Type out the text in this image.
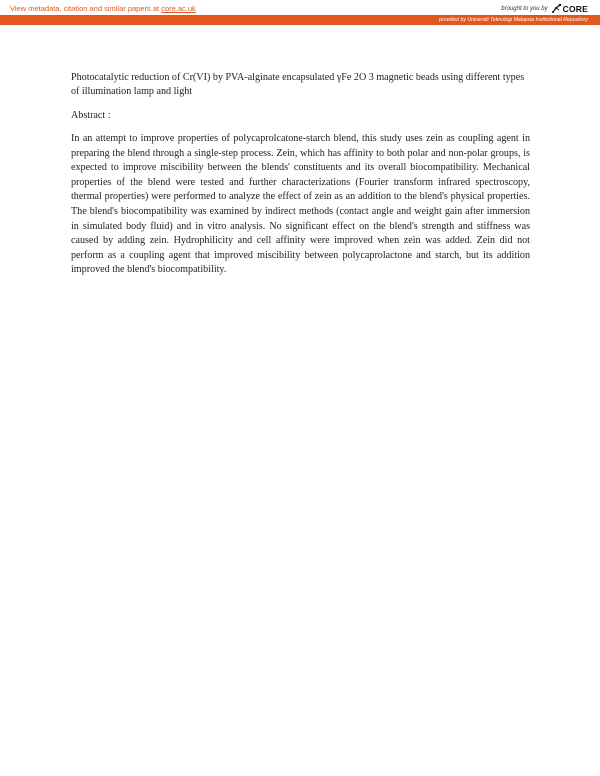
View metadata, citation and similar papers at core.ac.uk	brought to you by CORE
provided by Universiti Teknologi Malaysia Institutional Repository
Photocatalytic reduction of Cr(VI) by PVA-alginate encapsulated γFe 2O 3 magnetic beads using different types of illumination lamp and light
Abstract :

In an attempt to improve properties of polycaprolcatone-starch blend, this study uses zein as coupling agent in preparing the blend through a single-step process. Zein, which has affinity to both polar and non-polar groups, is expected to improve miscibility between the blends' constituents and its overall biocompatibility. Mechanical properties of the blend were tested and further characterizations (Fourier transform infrared spectroscopy, thermal properties) were performed to analyze the effect of zein as an addition to the blend's physical properties. The blend's biocompatibility was examined by indirect methods (contact angle and weight gain after immersion in simulated body fluid) and in vitro analysis. No significant effect on the blend's strength and stiffness was caused by adding zein. Hydrophilicity and cell affinity were improved when zein was added. Zein did not perform as a coupling agent that improved miscibility between polycaprolactone and starch, but its addition improved the blend's biocompatibility.
